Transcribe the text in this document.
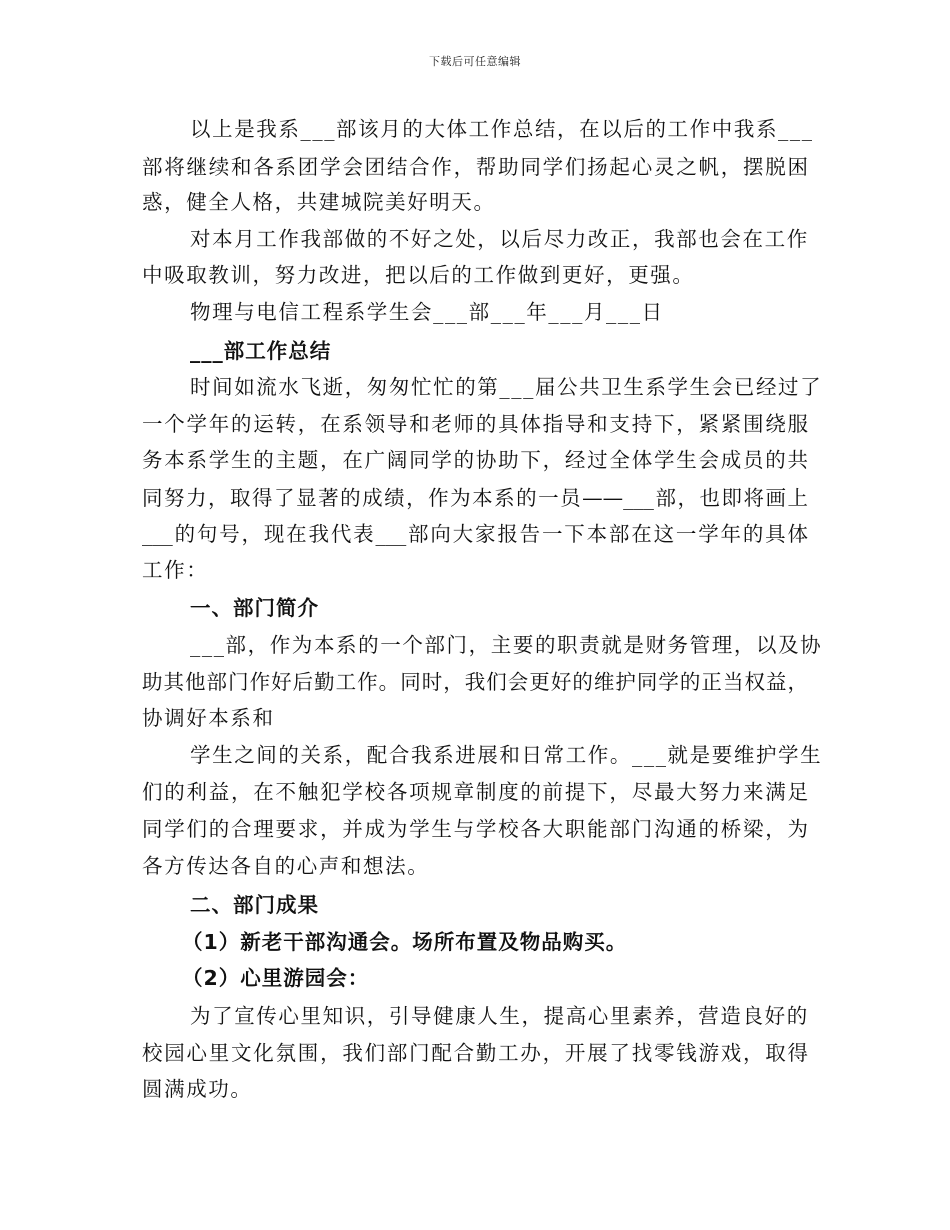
下载后可任意编辑
以上是我系___部该月的大体工作总结，在以后的工作中我系___
部将继续和各系团学会团结合作，帮助同学们扬起心灵之帆，摆脱困
惑，健全人格，共建城院美好明天。
对本月工作我部做的不好之处，以后尽力改正，我部也会在工作
中吸取教训，努力改进，把以后的工作做到更好，更强。
物理与电信工程系学生会___部___年___月___日
___部工作总结
时间如流水飞逝，匆匆忙忙的第___届公共卫生系学生会已经过了
一个学年的运转，在系领导和老师的具体指导和支持下，紧紧围绕服
务本系学生的主题，在广阔同学的协助下，经过全体学生会成员的共
同努力，取得了显著的成绩，作为本系的一员——___部，也即将画上
___的句号，现在我代表___部向大家报告一下本部在这一学年的具体
工作：
一、部门简介
___部，作为本系的一个部门，主要的职责就是财务管理，以及协
助其他部门作好后勤工作。同时，我们会更好的维护同学的正当权益，
协调好本系和
学生之间的关系，配合我系进展和日常工作。___就是要维护学生
们的利益，在不触犯学校各项规章制度的前提下，尽最大努力来满足
同学们的合理要求，并成为学生与学校各大职能部门沟通的桥梁，为
各方传达各自的心声和想法。
二、部门成果
（1）新老干部沟通会。场所布置及物品购买。
（2）心里游园会：
为了宣传心里知识，引导健康人生，提高心里素养，营造良好的
校园心里文化氛围，我们部门配合勤工办，开展了找零钱游戏，取得
圆满成功。
